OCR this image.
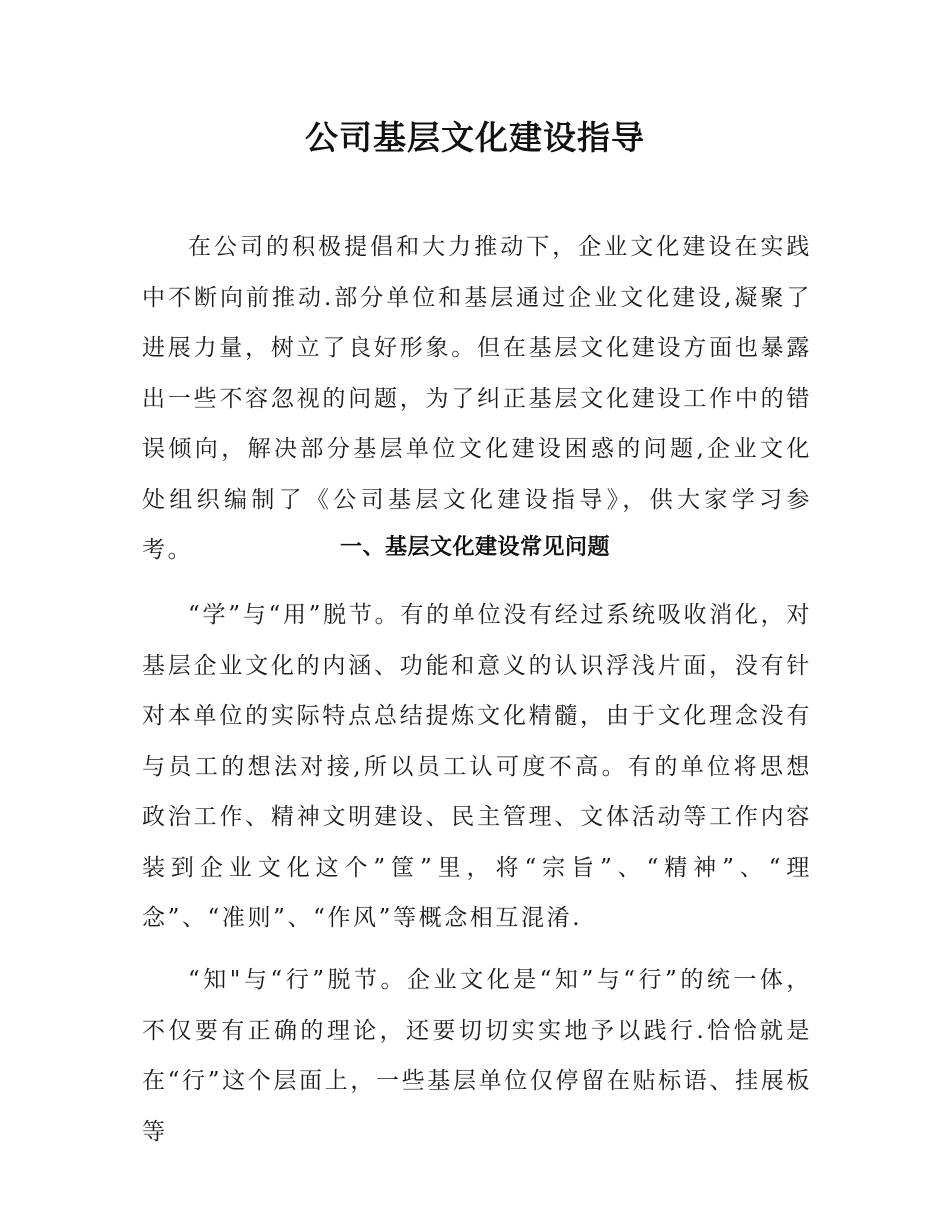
公司基层文化建设指导

在公司的积极提倡和大力推动下，企业文化建设在实践中不断向前推动.部分单位和基层通过企业文化建设,凝聚了进展力量，树立了良好形象。但在基层文化建设方面也暴露出一些不容忽视的问题，为了纠正基层文化建设工作中的错误倾向，解决部分基层单位文化建设困惑的问题,企业文化处组织编制了《公司基层文化建设指导》，供大家学习参考。	一、基层文化建设常见问题

“学”与“用”脱节。有的单位没有经过系统吸收消化，对基层企业文化的内涵、功能和意义的认识浮浅片面，没有针对本单位的实际特点总结提炼文化精髓，由于文化理念没有与员工的想法对接,所以员工认可度不高。有的单位将思想政治工作、精神文明建设、民主管理、文体活动等工作内容装到企业文化这个”筐”里，将“宗旨”、“精神”、“理念”、“准则”、“作风”等概念相互混淆.

“知"与“行”脱节。企业文化是“知”与“行”的统一体，不仅要有正确的理论，还要切切实实地予以践行.恰恰就是在“行”这个层面上，一些基层单位仅停留在贴标语、挂展板等
